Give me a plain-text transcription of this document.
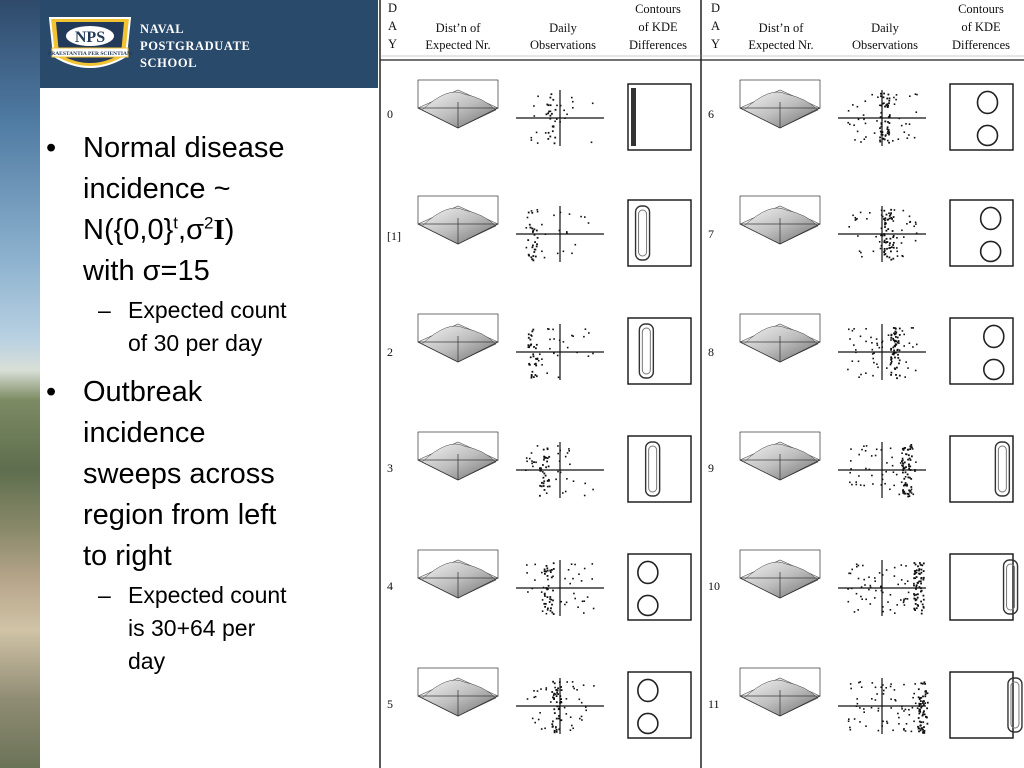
NPS
PRAESTANTIA PER SCIENTIAM
NAVAL
POSTGRADUATE
SCHOOL
• Normal disease
incidence ~
$N(\{0,0\}^t,\sigma^2I)$
with σ=15
– Expected count
of 30 per day
• Outbreak
incidence
sweeps across
region from left
to right
– Expected count
is 30+64 per
day
D
A
Y
Dist’n of
Expected Nr.
Daily
Observations
Contours
of KDE
Differences
D
A
Y
Dist’n of
Expected Nr.
Daily
Observations
Contours
of KDE
Differences
0
[1]
2
3
4
5
6
7
8
9
10
11
